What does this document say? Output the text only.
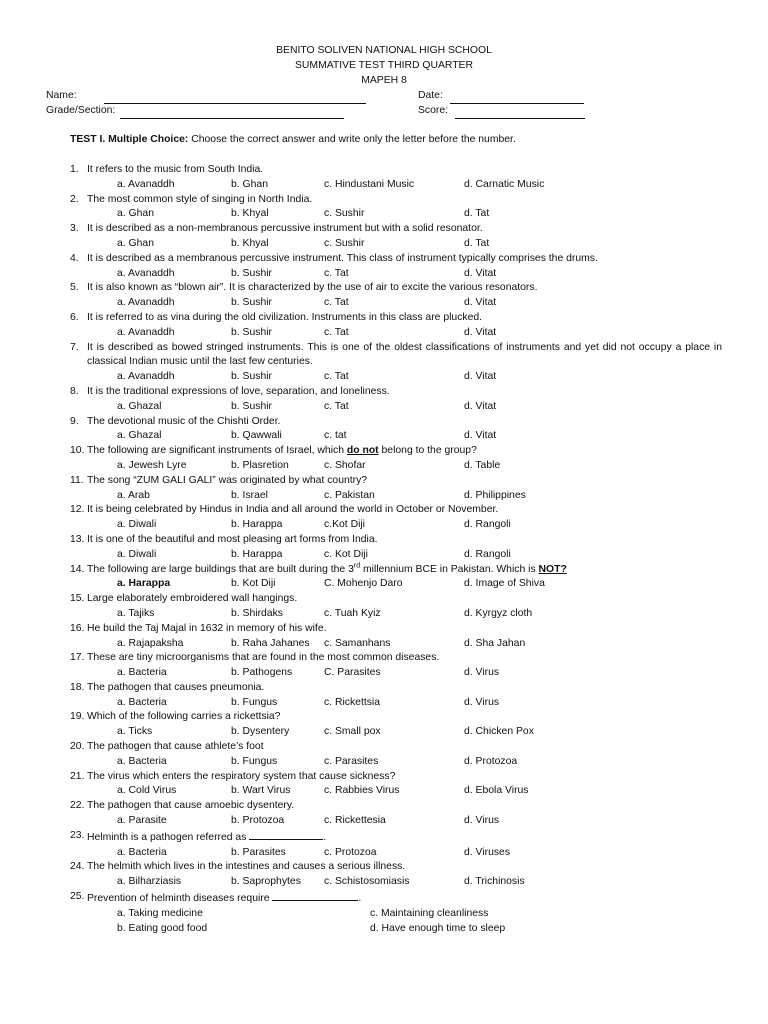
BENITO SOLIVEN NATIONAL HIGH SCHOOL
SUMMATIVE TEST THIRD QUARTER
MAPEH 8
Name:	Date:
Grade/Section:	Score:
TEST I. Multiple Choice: Choose the correct answer and write only the letter before the number.
1. It refers to the music from South India.
a. Avanaddh	b. Ghan	c. Hindustani Music	d. Carnatic Music
2. The most common style of singing in North India.
a. Ghan	b. Khyal	c. Sushir	d. Tat
3. It is described as a non-membranous percussive instrument but with a solid resonator.
a. Ghan	b. Khyal	c. Sushir	d. Tat
4. It is described as a membranous percussive instrument. This class of instrument typically comprises the drums.
a. Avanaddh	b. Sushir	c. Tat	d. Vitat
5. It is also known as “blown air”. It is characterized by the use of air to excite the various resonators.
a. Avanaddh	b. Sushir	c. Tat	d. Vitat
6. It is referred to as vina during the old civilization. Instruments in this class are plucked.
a. Avanaddh	b. Sushir	c. Tat	d. Vitat
7. It is described as bowed stringed instruments. This is one of the oldest classifications of instruments and yet did not occupy a place in classical Indian music until the last few centuries.
a. Avanaddh	b. Sushir	c. Tat	d. Vitat
8. It is the traditional expressions of love, separation, and loneliness.
a. Ghazal	b. Sushir	c. Tat	d. Vitat
9. The devotional music of the Chishti Order.
a. Ghazal	b. Qawwali	c. tat	d. Vitat
10. The following are significant instruments of Israel, which do not belong to the group?
a. Jewesh Lyre	b. Plasretion	c. Shofar	d. Table
11. The song “ZUM GALI GALI” was originated by what country?
a. Arab	b. Israel	c. Pakistan	d. Philippines
12. It is being celebrated by Hindus in India and all around the world in October or November.
a. Diwali	b. Harappa	c.Kot Diji	d. Rangoli
13. It is one of the beautiful and most pleasing art forms from India.
a. Diwali	b. Harappa	c. Kot Diji	d. Rangoli
14. The following are large buildings that are built during the 3rd millennium BCE in Pakistan. Which is NOT?
a. Harappa	b. Kot Diji	C. Mohenjo Daro	d. Image of Shiva
15. Large elaborately embroidered wall hangings.
a. Tajiks	b. Shirdaks	c. Tuah Kyiz	d. Kyrgyz cloth
16. He build the Taj Majal in 1632 in memory of his wife.
a. Rajapaksha	b. Raha Jahanes c. Samanhans	d. Sha Jahan
17. These are tiny microorganisms that are found in the most common diseases.
a. Bacteria	b. Pathogens	C. Parasites	d. Virus
18. The pathogen that causes pneumonia.
a. Bacteria	b. Fungus	c. Rickettsia	d. Virus
19. Which of the following carries a rickettsia?
a. Ticks	b. Dysentery	c. Small pox	d. Chicken Pox
20. The pathogen that cause athlete’s foot
a. Bacteria	b. Fungus	c. Parasites	d. Protozoa
21. The virus which enters the respiratory system that cause sickness?
a. Cold Virus	b. Wart Virus	c. Rabbies Virus	d. Ebola Virus
22. The pathogen that cause amoebic dysentery.
a. Parasite	b. Protozoa	c. Rickettesia	d. Virus
23. Helminth is a pathogen referred as	.
a. Bacteria	b. Parasites	c. Protozoa	d. Viruses
24. The helmith which lives in the intestines and causes a serious illness.
a. Bilharziasis	b. Saprophytes c. Schistosomiasis	d. Trichinosis
25. Prevention of helminth diseases require	.
a. Taking medicine	c. Maintaining cleanliness
b. Eating good food	d. Have enough time to sleep
